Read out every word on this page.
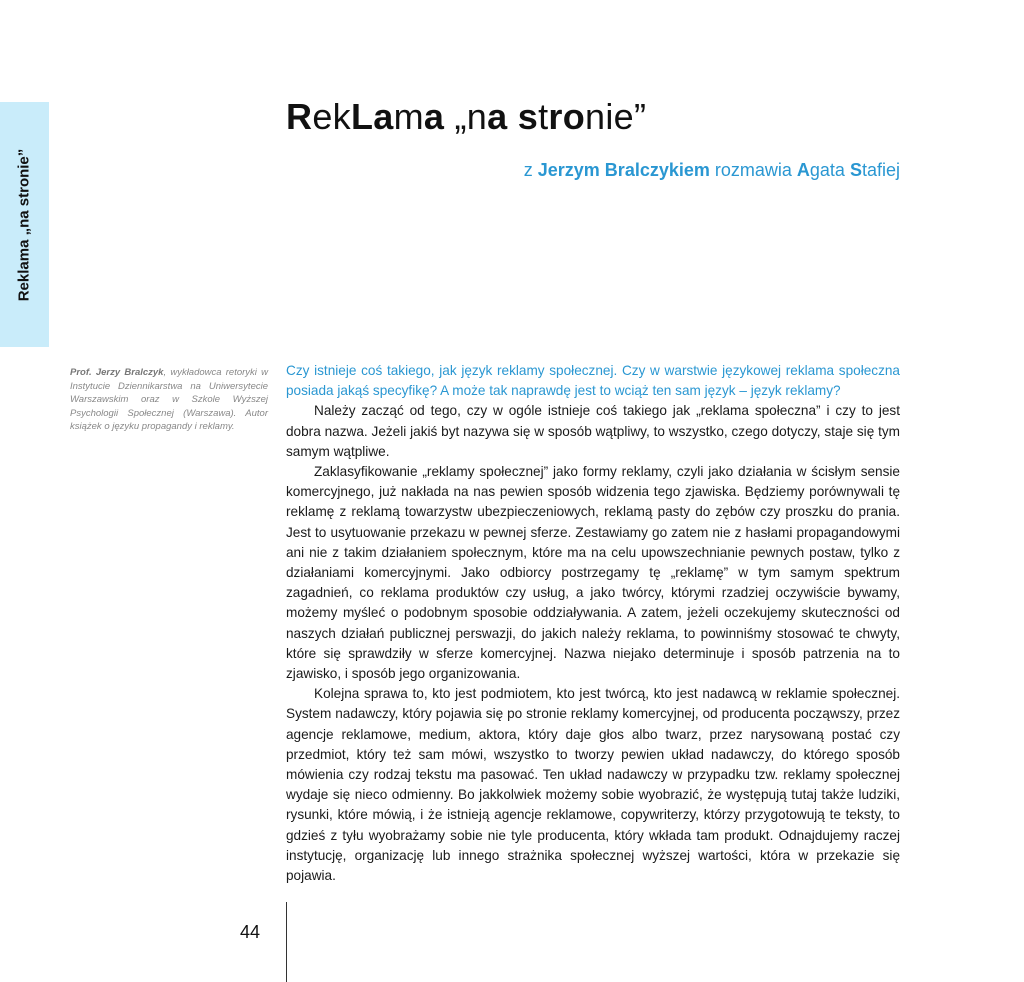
Reklama „na stronie”
RekLama „na stronie”
z Jerzym Bralczykiem rozmawia Agata Stafiej
Prof. Jerzy Bralczyk, wykładowca retoryki w Instytucie Dziennikarstwa na Uniwersytecie Warszawskim oraz w Szkole Wyższej Psychologii Społecznej (Warszawa). Autor książek o języku propagandy i reklamy.

Czy istnieje coś takiego, jak język reklamy społecznej. Czy w warstwie językowej reklama społeczna posiada jakąś specyfikę? A może tak naprawdę jest to wciąż ten sam język – język reklamy?

Należy zacząć od tego, czy w ogóle istnieje coś takiego jak „reklama społeczna” i czy to jest dobra nazwa. Jeżeli jakiś byt nazywa się w sposób wątpliwy, to wszystko, czego dotyczy, staje się tym samym wątpliwe.

Zaklasyfikowanie „reklamy społecznej” jako formy reklamy, czyli jako działania w ścisłym sensie komercyjnego, już nakłada na nas pewien sposób widzenia tego zjawiska. Będziemy porównywali tę reklamę z reklamą towarzystw ubezpieczeniowych, reklamą pasty do zębów czy proszku do prania. Jest to usytuowanie przekazu w pewnej sferze. Zestawiamy go zatem nie z hasłami propagandowymi ani nie z takim działaniem społecznym, które ma na celu upowszechnianie pewnych postaw, tylko z działaniami komercyjnymi. Jako odbiorcy postrzegamy tę „reklamę” w tym samym spektrum zagadnień, co reklama produktów czy usług, a jako twórcy, którymi rzadziej oczywiście bywamy, możemy myśleć o podobnym sposobie oddziaływania. A zatem, jeżeli oczekujemy skuteczności od naszych działań publicznej perswazji, do jakich należy reklama, to powinniśmy stosować te chwyty, które się sprawdziły w sferze komercyjnej. Nazwa niejako determinuje i sposób patrzenia na to zjawisko, i sposób jego organizowania.

Kolejna sprawa to, kto jest podmiotem, kto jest twórcą, kto jest nadawcą w reklamie społecznej. System nadawczy, który pojawia się po stronie reklamy komercyjnej, od producenta począwszy, przez agencje reklamowe, medium, aktora, który daje głos albo twarz, przez narysowaną postać czy przedmiot, który też sam mówi, wszystko to tworzy pewien układ nadawczy, do którego sposób mówienia czy rodzaj tekstu ma pasować. Ten układ nadawczy w przypadku tzw. reklamy społecznej wydaje się nieco odmienny. Bo jakkolwiek możemy sobie wyobrazić, że występują tutaj także ludziki, rysunki, które mówią, i że istnieją agencje reklamowe, copywriterzy, którzy przygotowują te teksty, to gdzieś z tyłu wyobrażamy sobie nie tyle producenta, który wkłada tam produkt. Odnajdujemy raczej instytucję, organizację lub innego strażnika społecznej wyższej wartości, która w przekazie się pojawia.

44
